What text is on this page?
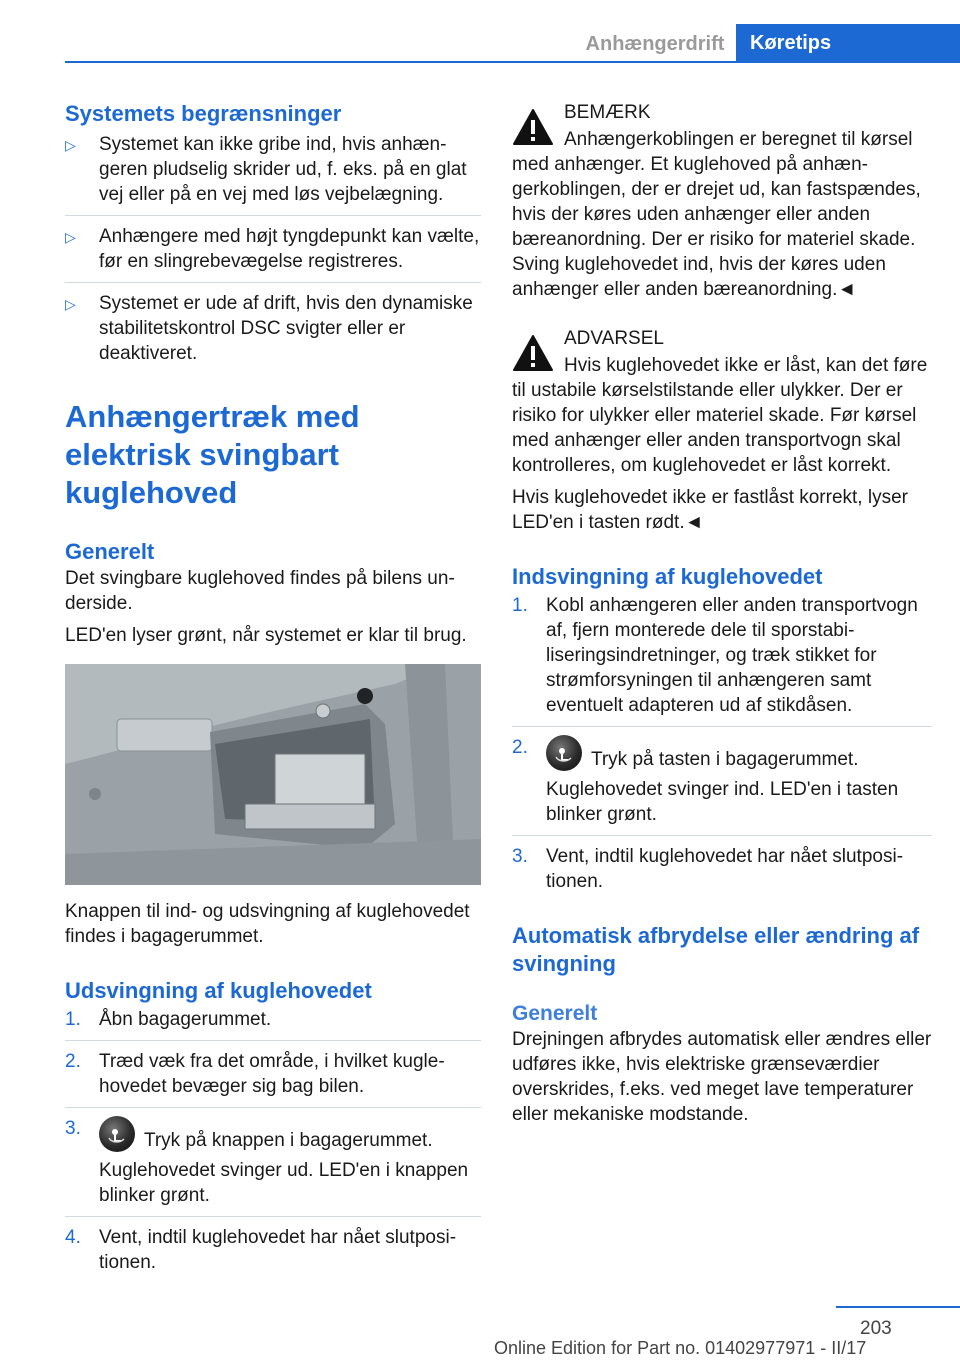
Anhængerdrift	Køretips
Systemets begrænsninger
▷	Systemet kan ikke gribe ind, hvis anhængeren pludselig skrider ud, f. eks. på en glat vej eller på en vej med løs vejbelægning.
▷	Anhængere med højt tyngdepunkt kan vælte, før en slingrebevægelse registreres.
▷	Systemet er ude af drift, hvis den dynamiske stabilitetskontrol DSC svigter eller er deaktiveret.
Anhængertræk med elektrisk svingbart kuglehoved
Generelt

Det svingbare kuglehoved findes på bilens underside.

LED'en lyser grønt, når systemet er klar til brug.

Knappen til ind- og udsvingning af kuglehovedet findes i bagagerummet.

Udsvingning af kuglehovedet
1. Åbn bagagerummet.
2. Træd væk fra det område, i hvilket kuglehovedet bevæger sig bag bilen.
3.
Tryk på knappen i bagagerummet.
Kuglehovedet svinger ud. LED'en i knappen blinker grønt.
4. Vent, indtil kuglehovedet har nået slutpositionen.

BEMÆRK

Anhængerkoblingen er beregnet til kørsel med anhænger. Et kuglehoved på anhængerkoblingen, der er drejet ud, kan fastspændes, hvis der køres uden anhænger eller anden bæreanordning. Der er risiko for materiel skade. Sving kuglehovedet ind, hvis der køres uden anhænger eller anden bæreanordning.◄

ADVARSEL

Hvis kuglehovedet ikke er låst, kan det føre til ustabile kørselstilstande eller ulykker. Der er risiko for ulykker eller materiel skade. Før kørsel med anhænger eller anden transportvogn skal kontrolleres, om kuglehovedet er låst korrekt.

Hvis kuglehovedet ikke er fastlåst korrekt, lyser LED'en i tasten rødt.◄

Indsvingning af kuglehovedet
1. Kobl anhængeren eller anden transportvogn af, fjern monterede dele til sporstabiliseringsindretninger, og træk stikket for strømforsyningen til anhængeren samt eventuelt adapteren ud af stikdåsen.
2.
Tryk på tasten i bagagerummet.
Kuglehovedet svinger ind. LED'en i tasten blinker grønt.
3. Vent, indtil kuglehovedet har nået slutpositionen.
Automatisk afbrydelse eller ændring af svingning
Generelt

Drejningen afbrydes automatisk eller ændres eller udføres ikke, hvis elektriske grænseværdier overskrides, f.eks. ved meget lave temperaturer eller mekaniske modstande.

203
Online Edition for Part no. 01402977971 - II/17
